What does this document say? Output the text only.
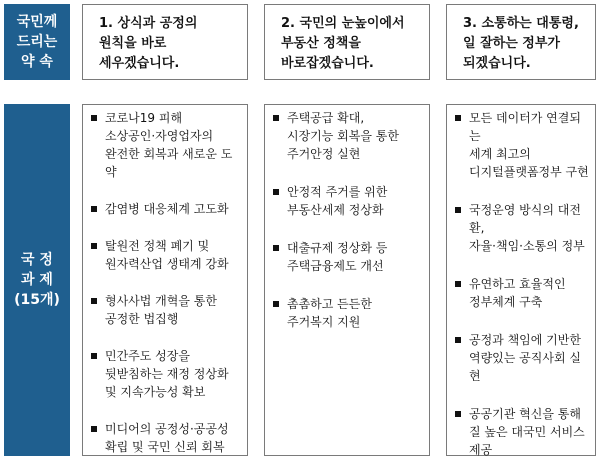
국민께
드리는
약 속
국 정
과 제
(15개)
1. 상식과 공정의
원칙을 바로
세우겠습니다.
2. 국민의 눈높이에서
부동산 정책을
바로잡겠습니다.
3. 소통하는 대통령,
일 잘하는 정부가
되겠습니다.
코로나19 피해
소상공인·자영업자의
완전한 회복과 새로운 도약
감염병 대응체계 고도화
탈원전 정책 폐기 및
원자력산업 생태계 강화
형사사법 개혁을 통한
공정한 법집행
민간주도 성장을
뒷받침하는 재정 정상화
및 지속가능성 확보
미디어의 공정성·공공성
확립 및 국민 신뢰 회복
주택공급 확대,
시장기능 회복을 통한
주거안정 실현
안정적 주거를 위한
부동산세제 정상화
대출규제 정상화 등
주택금융제도 개선
촘촘하고 든든한
주거복지 지원
모든 데이터가 연결되는
세계 최고의
디지털플랫폼정부 구현
국정운영 방식의 대전환,
자율·책임·소통의 정부
유연하고 효율적인
정부체계 구축
공정과 책임에 기반한
역량있는 공직사회 실현
공공기관 혁신을 통해
질 높은 대국민 서비스
제공
